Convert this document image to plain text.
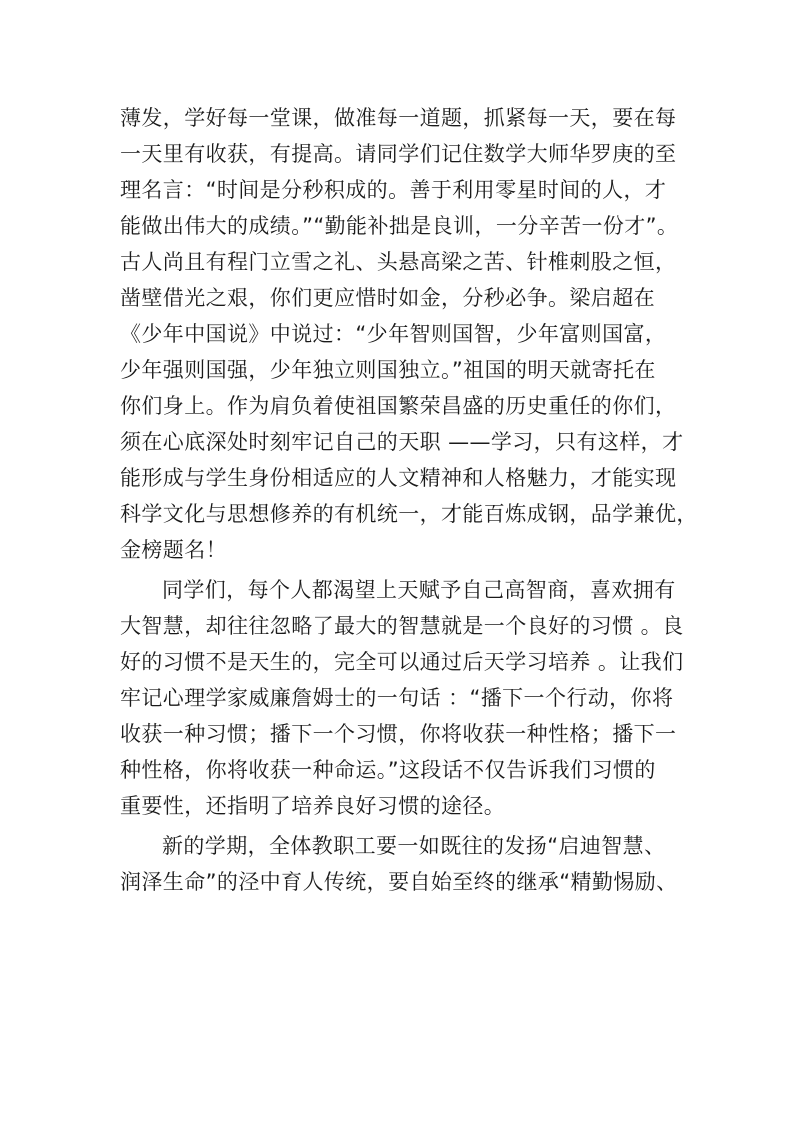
薄发，学好每一堂课，做准每一道题，抓紧每一天，要在每
一天里有收获，有提高。请同学们记住数学大师华罗庚的至
理名言：“时间是分秒积成的。善于利用零星时间的人，才
能做出伟大的成绩。”“勤能补拙是良训，一分辛苦一份才”。
古人尚且有程门立雪之礼、头悬高梁之苦、针椎刺股之恒，
凿壁借光之艰，你们更应惜时如金，分秒必争。梁启超在
《少年中国说》中说过：“少年智则国智，少年富则国富，
少年强则国强，少年独立则国独立。”祖国的明天就寄托在
你们身上。作为肩负着使祖国繁荣昌盛的历史重任的你们，
须在心底深处时刻牢记自己的天职 ——学习，只有这样，才
能形成与学生身份相适应的人文精神和人格魅力，才能实现
科学文化与思想修养的有机统一，才能百炼成钢，品学兼优，
金榜题名！
同学们，每个人都渴望上天赋予自己高智商，喜欢拥有
大智慧，却往往忽略了最大的智慧就是一个良好的习惯 。良
好的习惯不是天生的，完全可以通过后天学习培养 。让我们
牢记心理学家威廉詹姆士的一句话 ：“播下一个行动，你将
收获一种习惯；播下一个习惯，你将收获一种性格；播下一
种性格，你将收获一种命运。”这段话不仅告诉我们习惯的
重要性，还指明了培养良好习惯的途径。
新的学期，全体教职工要一如既往的发扬“启迪智慧、
润泽生命”的泾中育人传统，要自始至终的继承“精勤惕励、
